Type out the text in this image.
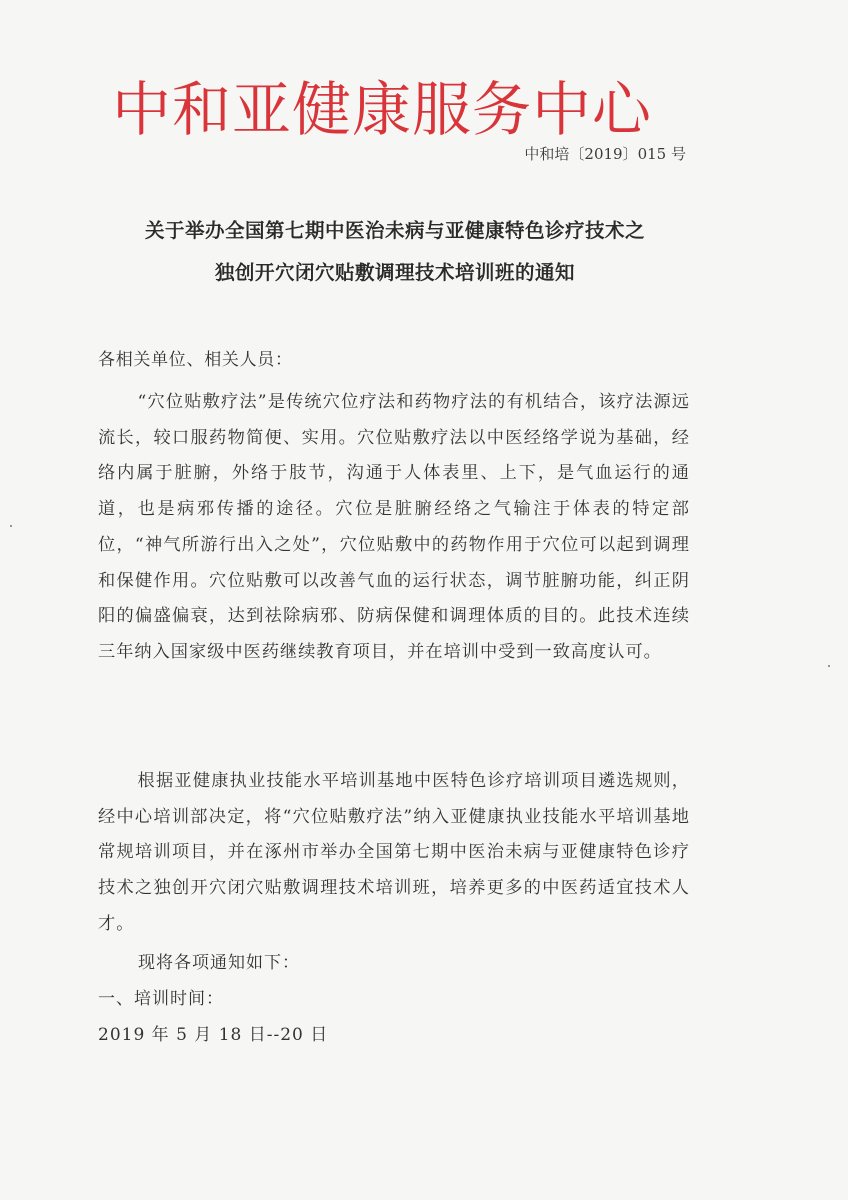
中和亚健康服务中心
中和培〔2019〕015 号
关于举办全国第七期中医治未病与亚健康特色诊疗技术之
独创开穴闭穴贴敷调理技术培训班的通知
各相关单位、相关人员：
“穴位贴敷疗法”是传统穴位疗法和药物疗法的有机结合，该疗法源远流长，较口服药物简便、实用。穴位贴敷疗法以中医经络学说为基础，经络内属于脏腑，外络于肢节，沟通于人体表里、上下，是气血运行的通道，也是病邪传播的途径。穴位是脏腑经络之气输注于体表的特定部位，“神气所游行出入之处”，穴位贴敷中的药物作用于穴位可以起到调理和保健作用。穴位贴敷可以改善气血的运行状态，调节脏腑功能，纠正阴阳的偏盛偏衰，达到祛除病邪、防病保健和调理体质的目的。此技术连续三年纳入国家级中医药继续教育项目，并在培训中受到一致高度认可。
根据亚健康执业技能水平培训基地中医特色诊疗培训项目遴选规则，经中心培训部决定，将“穴位贴敷疗法”纳入亚健康执业技能水平培训基地常规培训项目，并在涿州市举办全国第七期中医治未病与亚健康特色诊疗技术之独创开穴闭穴贴敷调理技术培训班，培养更多的中医药适宜技术人才。
现将各项通知如下：
一、培训时间：
2019 年 5 月 18 日--20 日
